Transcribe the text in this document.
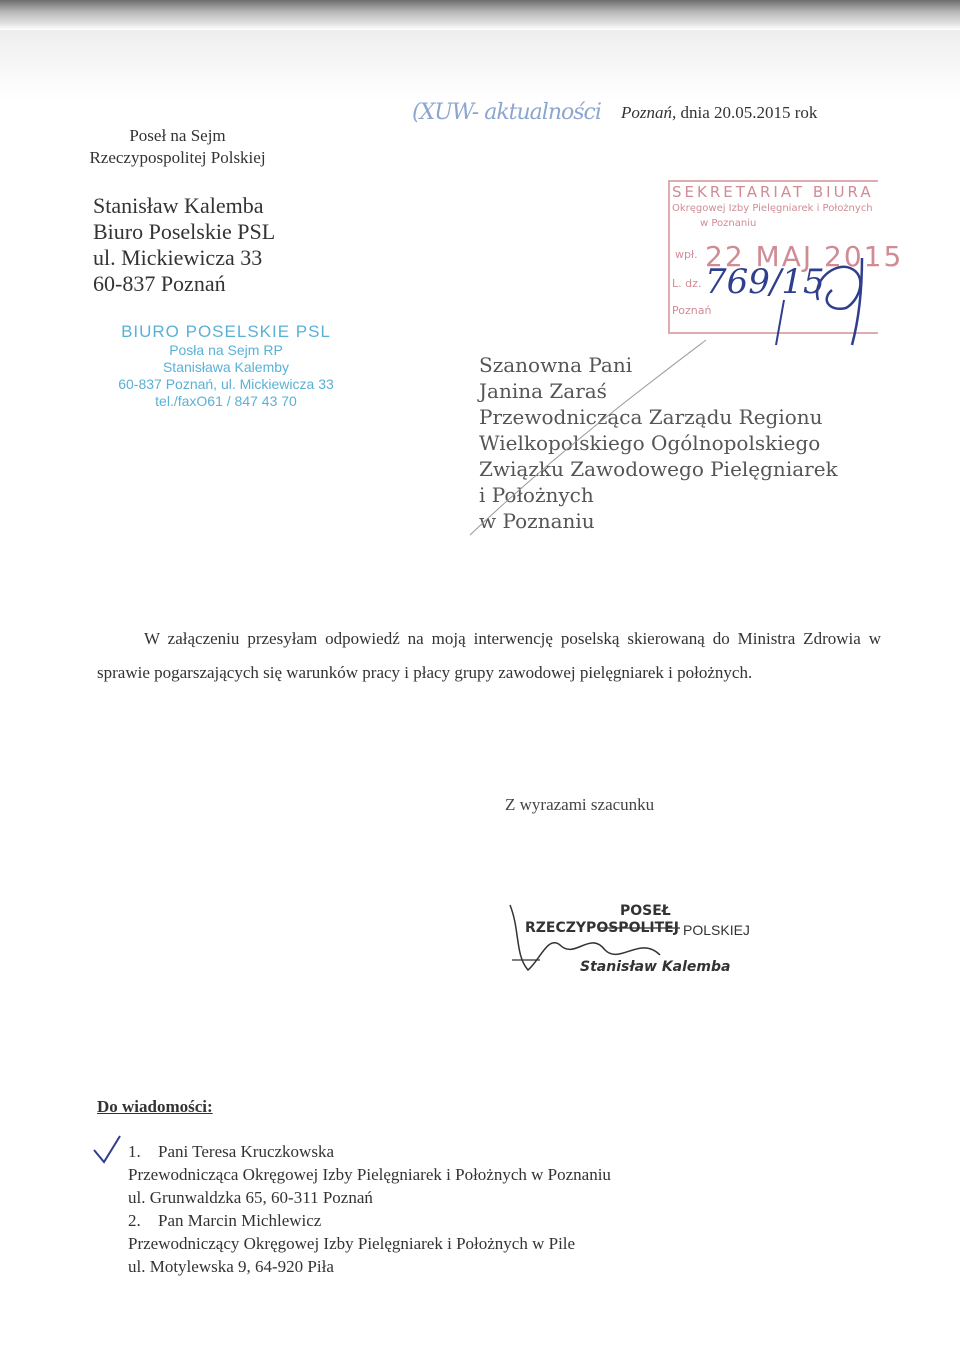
Poseł na Sejm
Rzeczypospolitej Polskiej
Stanisław Kalemba
Biuro Poselskie PSL
ul. Mickiewicza 33
60-837 Poznań
BIURO POSELSKIE PSL
Posła na Sejm RP
Stanisława Kalemby
60-837 Poznań, ul. Mickiewicza 33
tel./faxO61 / 847 43 70
(XUW- aktualności Poznań, dnia 20.05.2015 rok
SEKRETARIAT BIURA
Okręgowej Izby Pielęgniarek i Położnych
w Poznaniu
wpł. 22 MAJ 2015
L. dz.
Poznań
769/15
Szanowna Pani
Janina Zaraś
Przewodnicząca Zarządu Regionu
Wielkopolskiego Ogólnopolskiego
Związku Zawodowego Pielęgniarek
i Położnych
w Poznaniu
W załączeniu przesyłam odpowiedź na moją interwencję poselską skierowaną do Ministra Zdrowia w sprawie pogarszających się warunków pracy i płacy grupy zawodowej pielęgniarek i położnych.
Z wyrazami szacunku
POSEŁ
RZECZYPOSPOLITEJ
Stanisław Kalemba
POLSKIEJ
Do wiadomości:
1.	Pani Teresa Kruczkowska
Przewodnicząca Okręgowej Izby Pielęgniarek i Położnych w Poznaniu
ul. Grunwaldzka 65, 60-311 Poznań
2.	Pan Marcin Michlewicz
Przewodniczący Okręgowej Izby Pielęgniarek i Położnych w Pile
ul. Motylewska 9, 64-920 Piła
